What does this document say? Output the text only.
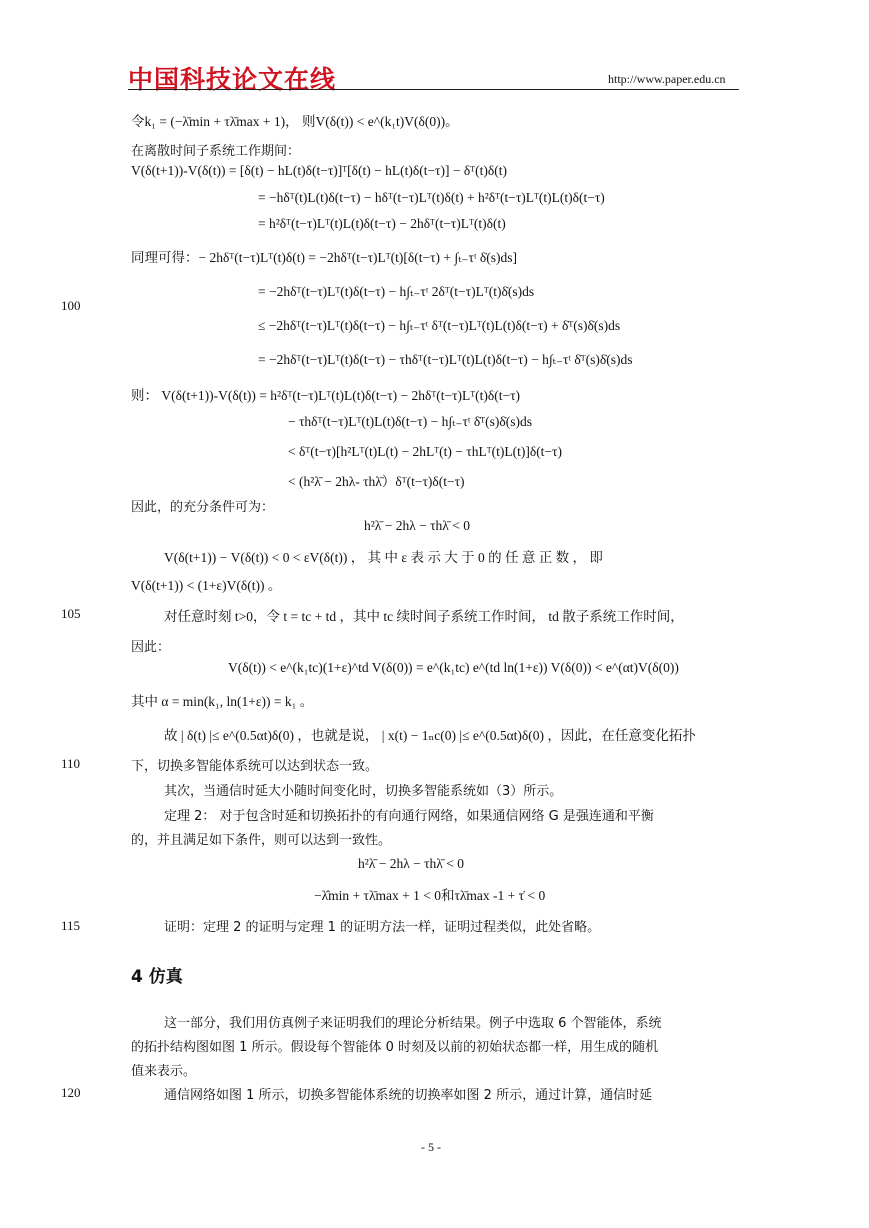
中国科技论文在线	http://www.paper.edu.cn
令k₁ = (−λ̄min + τλ̄max + 1)， 则V(δ(t)) < e^(k₁t)V(δ(0))。
在离散时间子系统工作期间：
V(δ(t+1))-V(δ(t)) = [δ(t) − hL(t)δ(t−τ)]ᵀ[δ(t) − hL(t)δ(t−τ)] − δᵀ(t)δ(t)
= −hδᵀ(t)L(t)δ(t−τ) − hδᵀ(t−τ)Lᵀ(t)δ(t) + h²δᵀ(t−τ)Lᵀ(t)L(t)δ(t−τ)
= h²δᵀ(t−τ)Lᵀ(t)L(t)δ(t−τ) − 2hδᵀ(t−τ)Lᵀ(t)δ(t)
同理可得：− 2hδᵀ(t−τ)Lᵀ(t)δ(t) = −2hδᵀ(t−τ)Lᵀ(t)[δ(t−τ) + ∫ₜ₋τᵗ δ̇(s)ds]
100
= −2hδᵀ(t−τ)Lᵀ(t)δ(t−τ) − h∫ₜ₋τᵗ 2δᵀ(t−τ)Lᵀ(t)δ̇(s)ds
≤ −2hδᵀ(t−τ)Lᵀ(t)δ(t−τ) − h∫ₜ₋τᵗ δᵀ(t−τ)Lᵀ(t)L(t)δ(t−τ) + δ̇ᵀ(s)δ̇(s)ds
= −2hδᵀ(t−τ)Lᵀ(t)δ(t−τ) − τhδᵀ(t−τ)Lᵀ(t)L(t)δ(t−τ) − h∫ₜ₋τᵗ δ̇ᵀ(s)δ̇(s)ds
则： V(δ(t+1))-V(δ(t)) = h²δᵀ(t−τ)Lᵀ(t)L(t)δ(t−τ) − 2hδᵀ(t−τ)Lᵀ(t)δ(t−τ)
− τhδᵀ(t−τ)Lᵀ(t)L(t)δ(t−τ) − h∫ₜ₋τᵗ δ̇ᵀ(s)δ̇(s)ds
< δᵀ(t−τ)[h²Lᵀ(t)L(t) − 2hLᵀ(t) − τhLᵀ(t)L(t)]δ(t−τ)
< (h²λ̄ − 2hλ- τhλ̄）δᵀ(t−τ)δ(t−τ)
因此，的充分条件可为：
h²λ̄ − 2hλ − τhλ̄ < 0
V(δ(t+1)) − V(δ(t)) < 0 < εV(δ(t)) ， 其 中 ε 表 示 大 于 0 的 任 意 正 数 ， 即
V(δ(t+1)) < (1+ε)V(δ(t)) 。
105	对任意时刻 t>0，令 t = tc + td ，其中 tc 续时间子系统工作时间， td 散子系统工作时间，
因此：
V(δ(t)) < e^(k₁tc)(1+ε)^td V(δ(0)) = e^(k₁tc) e^(td ln(1+ε)) V(δ(0)) < e^(αt)V(δ(0))
其中 α = min(k₁, ln(1+ε)) = k₁ 。
故 | δ(t) |≤ e^(0.5αt)δ(0) ，也就是说， | x(t) − 1ₙc(0) |≤ e^(0.5αt)δ(0) ，因此，在任意变化拓扑
110	下，切换多智能体系统可以达到状态一致。
其次，当通信时延大小随时间变化时，切换多智能系统如（3）所示。
定理 2： 对于包含时延和切换拓扑的有向通行网络，如果通信网络 G 是强连通和平衡
的，并且满足如下条件，则可以达到一致性。
h²λ̄ − 2hλ − τhλ̄ < 0
−λ̂min + τλ̄max + 1 < 0和τλ̄max -1 + τ̇ < 0
115	证明：定理 2 的证明与定理 1 的证明方法一样，证明过程类似，此处省略。
4 仿真
这一部分，我们用仿真例子来证明我们的理论分析结果。例子中选取 6 个智能体，系统
的拓扑结构图如图 1 所示。假设每个智能体 0 时刻及以前的初始状态都一样，用生成的随机
值来表示。
120	通信网络如图 1 所示，切换多智能体系统的切换率如图 2 所示，通过计算，通信时延
- 5 -
